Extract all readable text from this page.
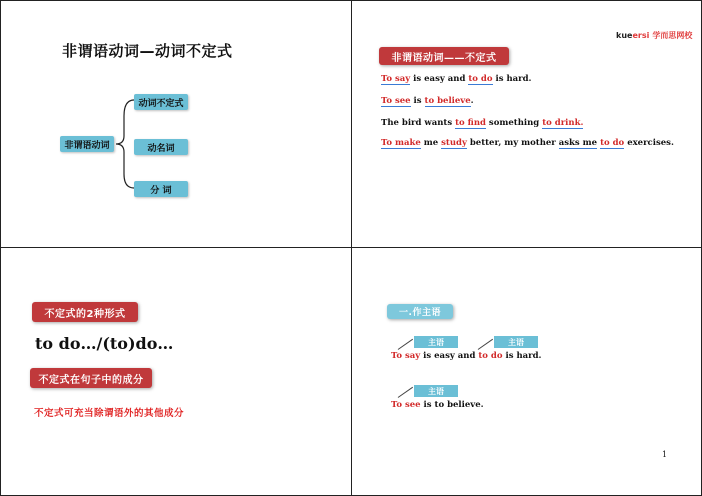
非谓语动词—动词不定式
非谓语动词
动词不定式
动名词
分 词
kueersi 学而思网校
非谓语动词——不定式
To say is easy and to do is hard.
To see is to believe.
The bird wants to find something to drink.
To make me study better, my mother asks me to do exercises.
不定式的2种形式
to do…/(to)do…
不定式在句子中的成分
不定式可充当除谓语外的其他成分
一.作主语
主语	主语
To say is easy and to do is hard.
主语
To see is to believe.
1
